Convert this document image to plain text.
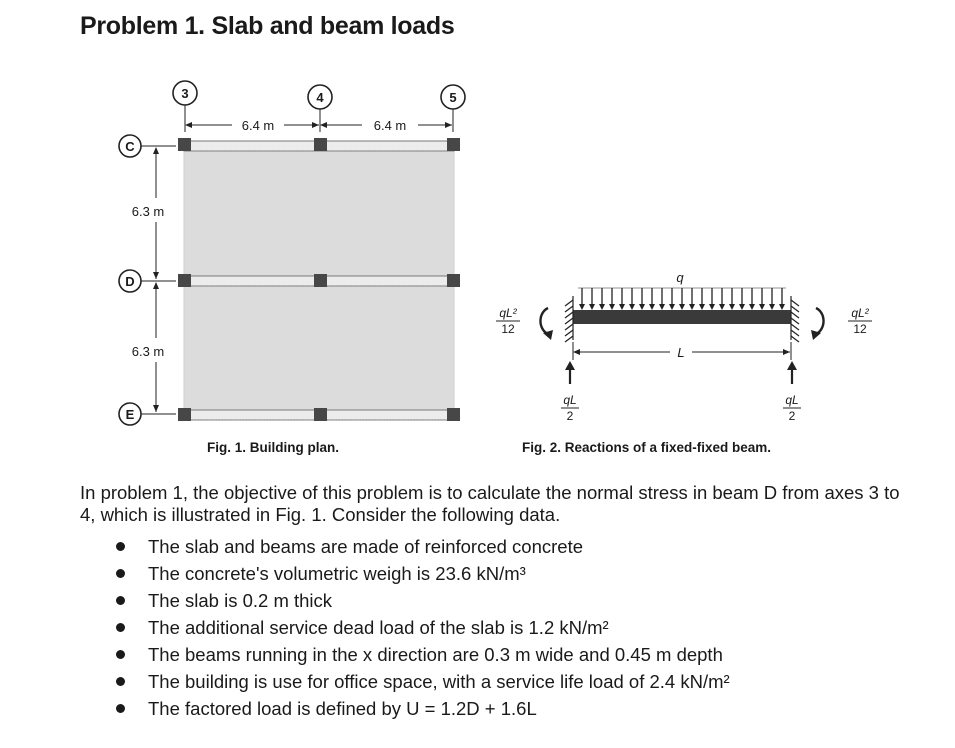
Problem 1. Slab and beam loads
3	4	5
6.4 m	6.4 m
C
D
E
6.3 m
6.3 m
q
qL²
12
qL²
12
L
qL
2
qL
2
Fig. 1. Building plan.	Fig. 2. Reactions of a fixed-fixed beam.
In problem 1, the objective of this problem is to calculate the normal stress in beam D from axes 3 to 4, which is illustrated in Fig. 1. Consider the following data.
The slab and beams are made of reinforced concrete
The concrete's volumetric weigh is 23.6 kN/m³
The slab is 0.2 m thick
The additional service dead load of the slab is 1.2 kN/m²
The beams running in the x direction are 0.3 m wide and 0.45 m depth
The building is use for office space, with a service life load of 2.4 kN/m²
The factored load is defined by U = 1.2D + 1.6L
